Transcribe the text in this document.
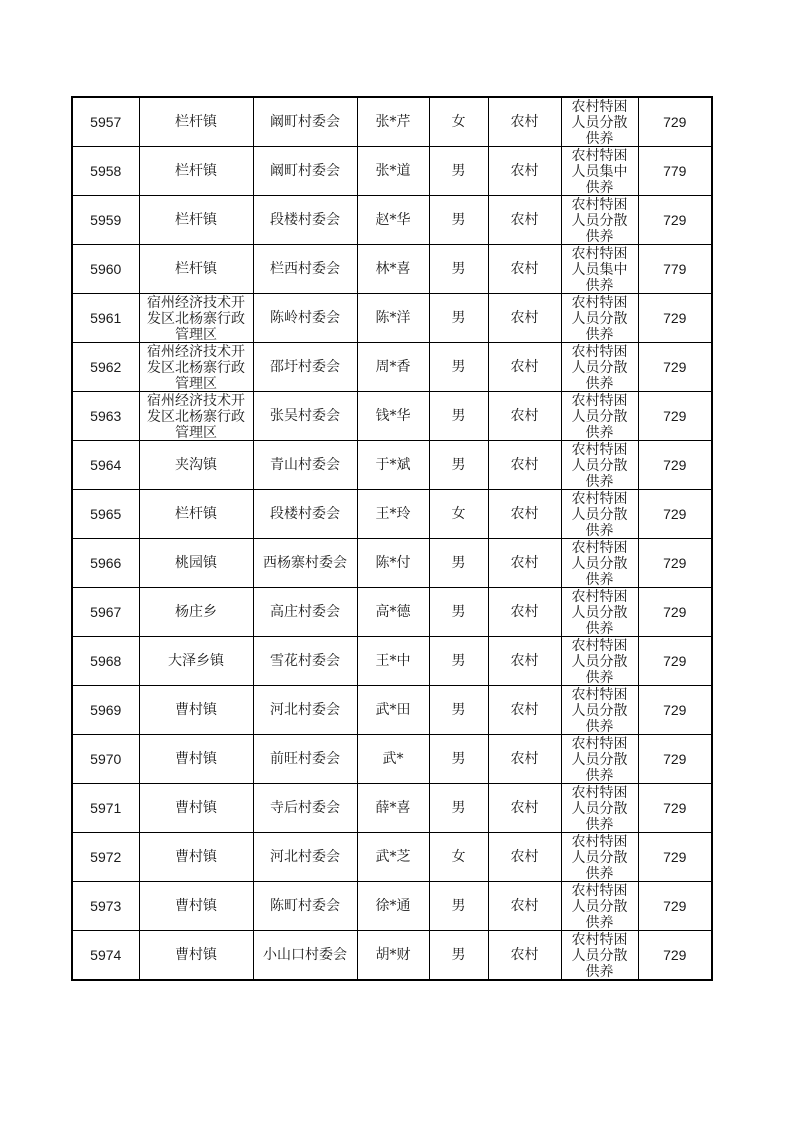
5957	栏杆镇	阚町村委会	张*芹	女	农村	农村特困人员分散供养	729
5958	栏杆镇	阚町村委会	张*道	男	农村	农村特困人员集中供养	779
5959	栏杆镇	段楼村委会	赵*华	男	农村	农村特困人员分散供养	729
5960	栏杆镇	栏西村委会	林*喜	男	农村	农村特困人员集中供养	779
5961	宿州经济技术开发区北杨寨行政管理区	陈岭村委会	陈*洋	男	农村	农村特困人员分散供养	729
5962	宿州经济技术开发区北杨寨行政管理区	邵圩村委会	周*香	男	农村	农村特困人员分散供养	729
5963	宿州经济技术开发区北杨寨行政管理区	张吴村委会	钱*华	男	农村	农村特困人员分散供养	729
5964	夹沟镇	青山村委会	于*斌	男	农村	农村特困人员分散供养	729
5965	栏杆镇	段楼村委会	王*玲	女	农村	农村特困人员分散供养	729
5966	桃园镇	西杨寨村委会	陈*付	男	农村	农村特困人员分散供养	729
5967	杨庄乡	高庄村委会	高*德	男	农村	农村特困人员分散供养	729
5968	大泽乡镇	雪花村委会	王*中	男	农村	农村特困人员分散供养	729
5969	曹村镇	河北村委会	武*田	男	农村	农村特困人员分散供养	729
5970	曹村镇	前旺村委会	武*	男	农村	农村特困人员分散供养	729
5971	曹村镇	寺后村委会	薛*喜	男	农村	农村特困人员分散供养	729
5972	曹村镇	河北村委会	武*芝	女	农村	农村特困人员分散供养	729
5973	曹村镇	陈町村委会	徐*通	男	农村	农村特困人员分散供养	729
5974	曹村镇	小山口村委会	胡*财	男	农村	农村特困人员分散供养	729
